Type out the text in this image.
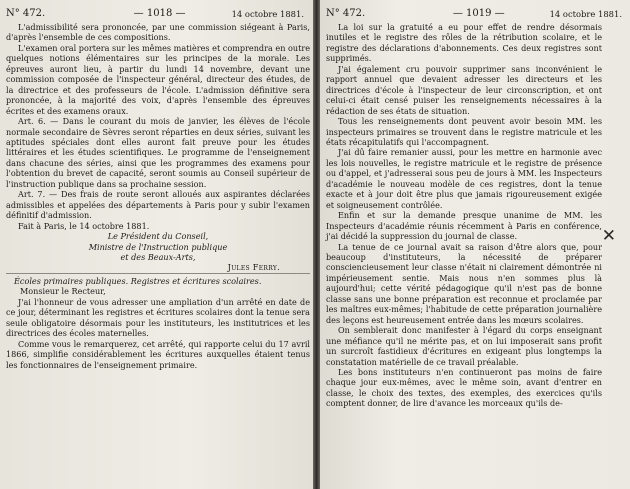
N° 472.	— 1018 —	14 octobre 1881.

L'admissibilité sera prononcée, par une commission siégeant à Paris, d'après l'ensemble de ces compositions.

L'examen oral portera sur les mêmes matières et comprendra en outre quelques notions élémentaires sur les principes de la morale. Les épreuves auront lieu, à partir du lundi 14 novembre, devant une commission composée de l'inspecteur général, directeur des études, de la directrice et des professeurs de l'école. L'admission définitive sera prononcée, à la majorité des voix, d'après l'ensemble des épreuves écrites et des examens oraux.

Art. 6. — Dans le courant du mois de janvier, les élèves de l'école normale secondaire de Sèvres seront réparties en deux séries, suivant les aptitudes spéciales dont elles auront fait preuve pour les études littéraires et les études scientifiques. Le programme de l'enseignement dans chacune des séries, ainsi que les programmes des examens pour l'obtention du brevet de capacité, seront soumis au Conseil supérieur de l'instruction publique dans sa prochaine session.

Art. 7. — Des frais de route seront alloués aux aspirantes déclarées admissibles et appelées des départements à Paris pour y subir l'examen définitif d'admission.

Fait à Paris, le 14 octobre 1881.

Le Président du Conseil,

Ministre de l'Instruction publique

et des Beaux-Arts,

Jules Ferry.

Écoles primaires publiques. Registres et écritures scolaires.

Monsieur le Recteur,

J'ai l'honneur de vous adresser une ampliation d'un arrêté en date de ce jour, déterminant les registres et écritures scolaires dont la tenue sera seule obligatoire désormais pour les instituteurs, les institutrices et les directrices des écoles maternelles.

Comme vous le remarquerez, cet arrêté, qui rapporte celui du 17 avril 1866, simplifie considérablement les écritures auxquelles étaient tenus les fonctionnaires de l'enseignement primaire.

N° 472.	— 1019 —	14 octobre 1881.

La loi sur la gratuité a eu pour effet de rendre désormais inutiles et le registre des rôles de la rétribution scolaire, et le registre des déclarations d'abonnements. Ces deux registres sont supprimés.

J'ai également cru pouvoir supprimer sans inconvénient le rapport annuel que devaient adresser les directeurs et les directrices d'école à l'inspecteur de leur circonscription, et ont celui-ci était censé puiser les renseignements nécessaires à la rédaction de ses états de situation.

Tous les renseignements dont peuvent avoir besoin MM. les inspecteurs primaires se trouvent dans le registre matricule et les états récapitulatifs qui l'accompagnent.

J'ai dû faire remanier aussi, pour les mettre en harmonie avec les lois nouvelles, le registre matricule et le registre de présence ou d'appel, et j'adresserai sous peu de jours à MM. les Inspecteurs d'académie le nouveau modèle de ces registres, dont la tenue exacte et à jour doit être plus que jamais rigoureusement exigée et soigneusement contrôlée.

Enfin et sur la demande presque unanime de MM. les Inspecteurs d'académie réunis récemment à Paris en conférence, j'ai décidé la suppression du journal de classe.

La tenue de ce journal avait sa raison d'être alors que, pour beaucoup d'instituteurs, la nécessité de préparer consciencieusement leur classe n'était ni clairement démontrée ni impérieusement sentie. Mais nous n'en sommes plus là aujourd'hui; cette vérité pédagogique qu'il n'est pas de bonne classe sans une bonne préparation est reconnue et proclamée par les maîtres eux-mêmes; l'habitude de cette préparation journalière des leçons est heureusement entrée dans les mœurs scolaires.

On semblerait donc manifester à l'égard du corps enseignant une méfiance qu'il ne mérite pas, et on lui imposerait sans profit un surcroît fastidieux d'écritures en exigeant plus longtemps la constatation matérielle de ce travail préalable.

Les bons instituteurs n'en continueront pas moins de faire chaque jour eux-mêmes, avec le même soin, avant d'entrer en classe, le choix des textes, des exemples, des exercices qu'ils comptent donner, de lire d'avance les morceaux qu'ils de-

✕
